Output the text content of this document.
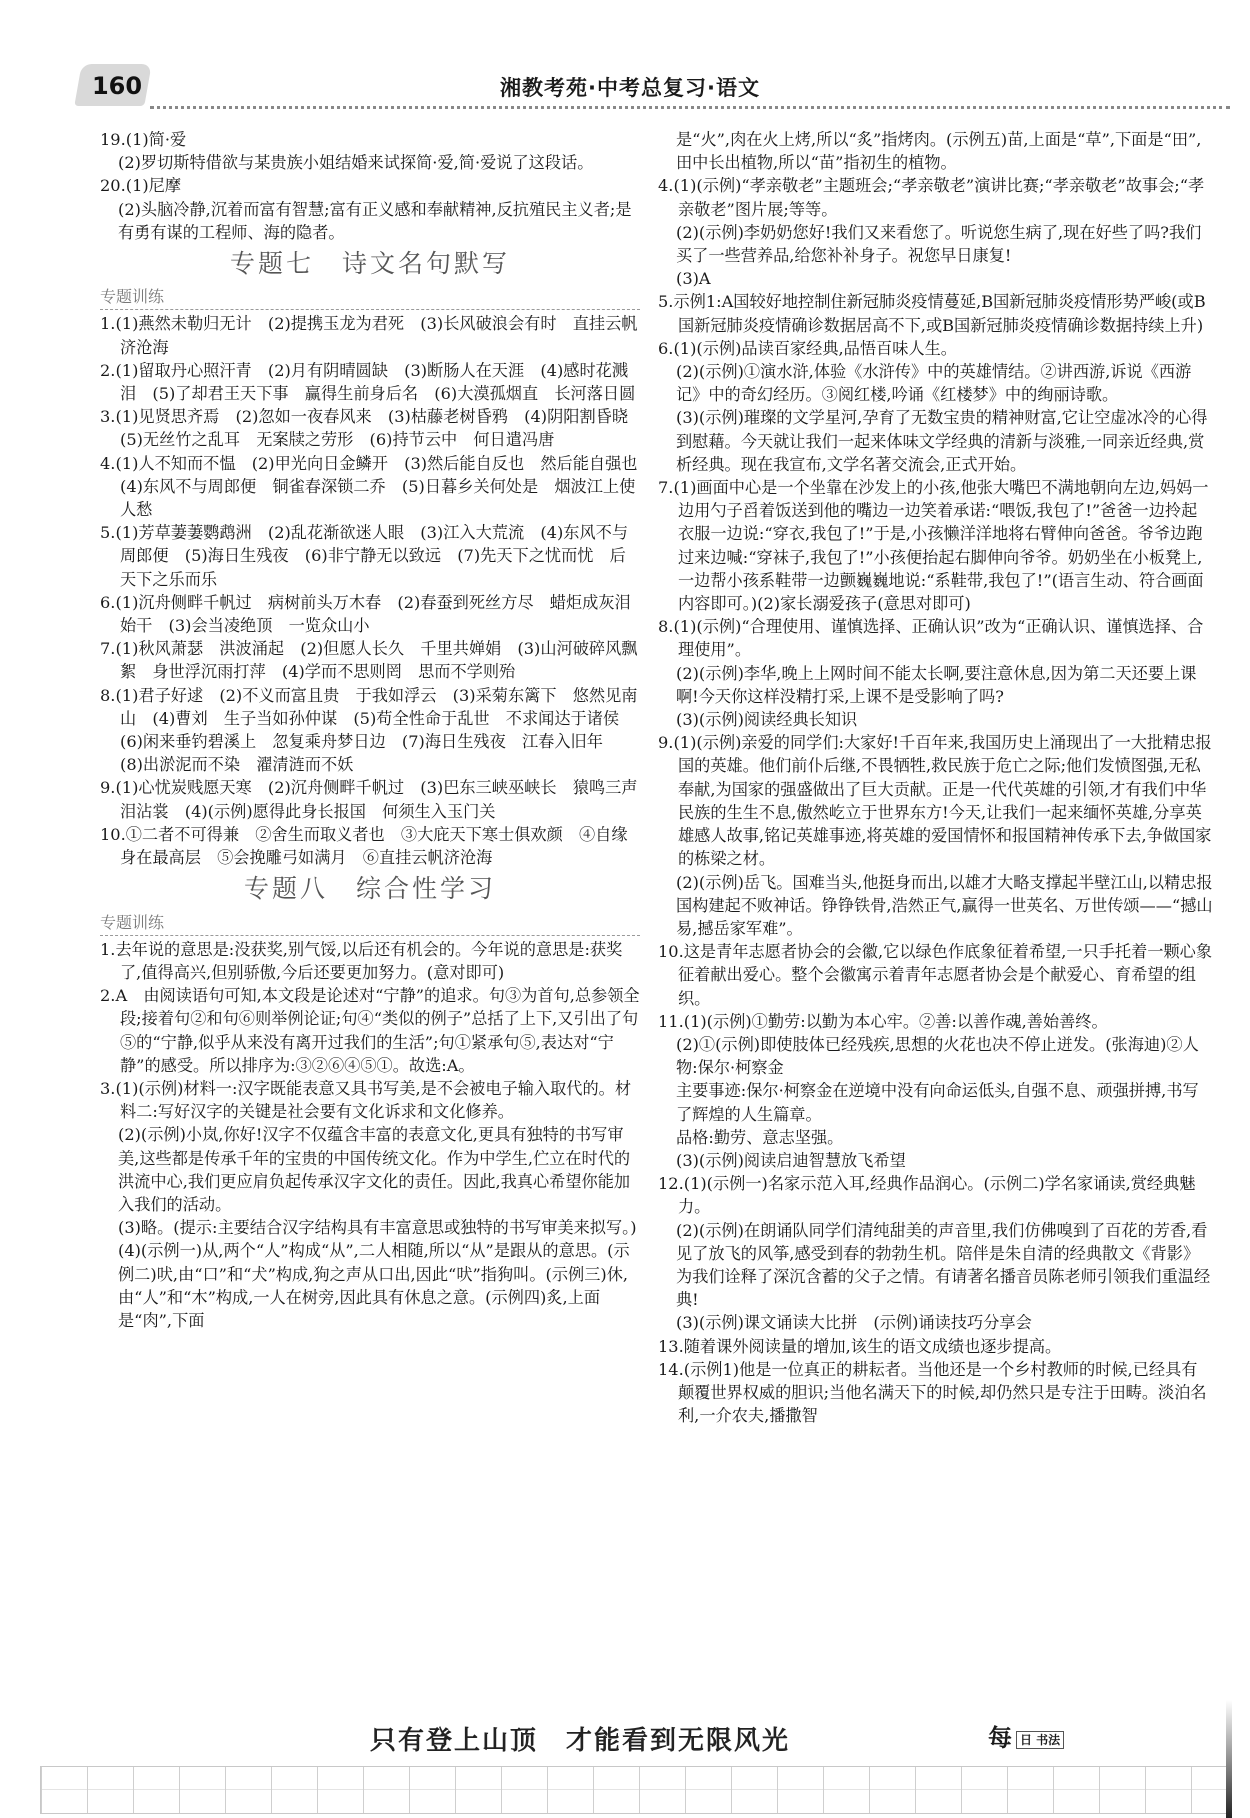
160	湘教考苑·中考总复习·语文

19.(1)简·爱

(2)罗切斯特借欲与某贵族小姐结婚来试探简·爱,简·爱说了这段话。

20.(1)尼摩

(2)头脑冷静,沉着而富有智慧;富有正义感和奉献精神,反抗殖民主义者;是有勇有谋的工程师、海的隐者。

专题七　诗文名句默写
专题训练

1.(1)燕然未勒归无计　(2)提携玉龙为君死　(3)长风破浪会有时　直挂云帆济沧海

2.(1)留取丹心照汗青　(2)月有阴晴圆缺　(3)断肠人在天涯　(4)感时花溅泪　(5)了却君王天下事　赢得生前身后名　(6)大漠孤烟直　长河落日圆

3.(1)见贤思齐焉　(2)忽如一夜春风来　(3)枯藤老树昏鸦　(4)阴阳割昏晓　(5)无丝竹之乱耳　无案牍之劳形　(6)持节云中　何日遣冯唐

4.(1)人不知而不愠　(2)甲光向日金鳞开　(3)然后能自反也　然后能自强也　(4)东风不与周郎便　铜雀春深锁二乔　(5)日暮乡关何处是　烟波江上使人愁

5.(1)芳草萋萋鹦鹉洲　(2)乱花渐欲迷人眼　(3)江入大荒流　(4)东风不与周郎便　(5)海日生残夜　(6)非宁静无以致远　(7)先天下之忧而忧　后天下之乐而乐

6.(1)沉舟侧畔千帆过　病树前头万木春　(2)春蚕到死丝方尽　蜡炬成灰泪始干　(3)会当凌绝顶　一览众山小

7.(1)秋风萧瑟　洪波涌起　(2)但愿人长久　千里共婵娟　(3)山河破碎风飘絮　身世浮沉雨打萍　(4)学而不思则罔　思而不学则殆

8.(1)君子好逑　(2)不义而富且贵　于我如浮云　(3)采菊东篱下　悠然见南山　(4)曹刘　生子当如孙仲谋　(5)苟全性命于乱世　不求闻达于诸侯　(6)闲来垂钓碧溪上　忽复乘舟梦日边　(7)海日生残夜　江春入旧年　(8)出淤泥而不染　濯清涟而不妖

9.(1)心忧炭贱愿天寒　(2)沉舟侧畔千帆过　(3)巴东三峡巫峡长　猿鸣三声泪沾裳　(4)(示例)愿得此身长报国　何须生入玉门关

10.①二者不可得兼　②舍生而取义者也　③大庇天下寒士俱欢颜　④自缘身在最高层　⑤会挽雕弓如满月　⑥直挂云帆济沧海

专题八　综合性学习
专题训练

1.去年说的意思是:没获奖,别气馁,以后还有机会的。今年说的意思是:获奖了,值得高兴,但别骄傲,今后还要更加努力。(意对即可)

2.A　由阅读语句可知,本文段是论述对“宁静”的追求。句③为首句,总参领全段;接着句②和句⑥则举例论证;句④“类似的例子”总括了上下,又引出了句⑤的“宁静,似乎从来没有离开过我们的生活”;句①紧承句⑤,表达对“宁静”的感受。所以排序为:③②⑥④⑤①。故选:A。

3.(1)(示例)材料一:汉字既能表意又具书写美,是不会被电子输入取代的。材料二:写好汉字的关键是社会要有文化诉求和文化修养。

(2)(示例)小岚,你好!汉字不仅蕴含丰富的表意文化,更具有独特的书写审美,这些都是传承千年的宝贵的中国传统文化。作为中学生,伫立在时代的洪流中心,我们更应肩负起传承汉字文化的责任。因此,我真心希望你能加入我们的活动。

(3)略。(提示:主要结合汉字结构具有丰富意思或独特的书写审美来拟写。)

(4)(示例一)从,两个“人”构成“从”,二人相随,所以“从”是跟从的意思。(示例二)吠,由“口”和“犬”构成,狗之声从口出,因此“吠”指狗叫。(示例三)休,由“人”和“木”构成,一人在树旁,因此具有休息之意。(示例四)炙,上面是“肉”,下面

是“火”,肉在火上烤,所以“炙”指烤肉。(示例五)苗,上面是“草”,下面是“田”,田中长出植物,所以“苗”指初生的植物。

4.(1)(示例)“孝亲敬老”主题班会;“孝亲敬老”演讲比赛;“孝亲敬老”故事会;“孝亲敬老”图片展;等等。

(2)(示例)李奶奶您好!我们又来看您了。听说您生病了,现在好些了吗?我们买了一些营养品,给您补补身子。祝您早日康复!

(3)A

5.示例1:A国较好地控制住新冠肺炎疫情蔓延,B国新冠肺炎疫情形势严峻(或B国新冠肺炎疫情确诊数据居高不下,或B国新冠肺炎疫情确诊数据持续上升)

6.(1)(示例)品读百家经典,品悟百味人生。

(2)(示例)①演水浒,体验《水浒传》中的英雄情结。②讲西游,诉说《西游记》中的奇幻经历。③阅红楼,吟诵《红楼梦》中的绚丽诗歌。

(3)(示例)璀璨的文学星河,孕育了无数宝贵的精神财富,它让空虚冰冷的心得到慰藉。今天就让我们一起来体味文学经典的清新与淡雅,一同亲近经典,赏析经典。现在我宣布,文学名著交流会,正式开始。

7.(1)画面中心是一个坐靠在沙发上的小孩,他张大嘴巴不满地朝向左边,妈妈一边用勺子舀着饭送到他的嘴边一边笑着承诺:“喂饭,我包了!”爸爸一边拎起衣服一边说:“穿衣,我包了!”于是,小孩懒洋洋地将右臂伸向爸爸。爷爷边跑过来边喊:“穿袜子,我包了!”小孩便抬起右脚伸向爷爷。奶奶坐在小板凳上,一边帮小孩系鞋带一边颤巍巍地说:“系鞋带,我包了!”(语言生动、符合画面内容即可。)(2)家长溺爱孩子(意思对即可)

8.(1)(示例)“合理使用、谨慎选择、正确认识”改为“正确认识、谨慎选择、合理使用”。

(2)(示例)李华,晚上上网时间不能太长啊,要注意休息,因为第二天还要上课啊!今天你这样没精打采,上课不是受影响了吗?

(3)(示例)阅读经典长知识

9.(1)(示例)亲爱的同学们:大家好!千百年来,我国历史上涌现出了一大批精忠报国的英雄。他们前仆后继,不畏牺牲,救民族于危亡之际;他们发愤图强,无私奉献,为国家的强盛做出了巨大贡献。正是一代代英雄的引领,才有我们中华民族的生生不息,傲然屹立于世界东方!今天,让我们一起来缅怀英雄,分享英雄感人故事,铭记英雄事迹,将英雄的爱国情怀和报国精神传承下去,争做国家的栋梁之材。

(2)(示例)岳飞。国难当头,他挺身而出,以雄才大略支撑起半壁江山,以精忠报国构建起不败神话。铮铮铁骨,浩然正气,赢得一世英名、万世传颂——“撼山易,撼岳家军难”。

10.这是青年志愿者协会的会徽,它以绿色作底象征着希望,一只手托着一颗心象征着献出爱心。整个会徽寓示着青年志愿者协会是个献爱心、育希望的组织。

11.(1)(示例)①勤劳:以勤为本心牢。②善:以善作魂,善始善终。

(2)①(示例)即使肢体已经残疾,思想的火花也决不停止迸发。(张海迪)②人物:保尔·柯察金

主要事迹:保尔·柯察金在逆境中没有向命运低头,自强不息、顽强拼搏,书写了辉煌的人生篇章。

品格:勤劳、意志坚强。

(3)(示例)阅读启迪智慧放飞希望

12.(1)(示例一)名家示范入耳,经典作品润心。(示例二)学名家诵读,赏经典魅力。

(2)(示例)在朗诵队同学们清纯甜美的声音里,我们仿佛嗅到了百花的芳香,看见了放飞的风筝,感受到春的勃勃生机。陪伴是朱自清的经典散文《背影》为我们诠释了深沉含蓄的父子之情。有请著名播音员陈老师引领我们重温经典!

(3)(示例)课文诵读大比拼　(示例)诵读技巧分享会

13.随着课外阅读量的增加,该生的语文成绩也逐步提高。

14.(示例1)他是一位真正的耕耘者。当他还是一个乡村教师的时候,已经具有颠覆世界权威的胆识;当他名满天下的时候,却仍然只是专注于田畴。淡泊名利,一介农夫,播撒智

只有登上山顶　才能看到无限风光	每日 书法
